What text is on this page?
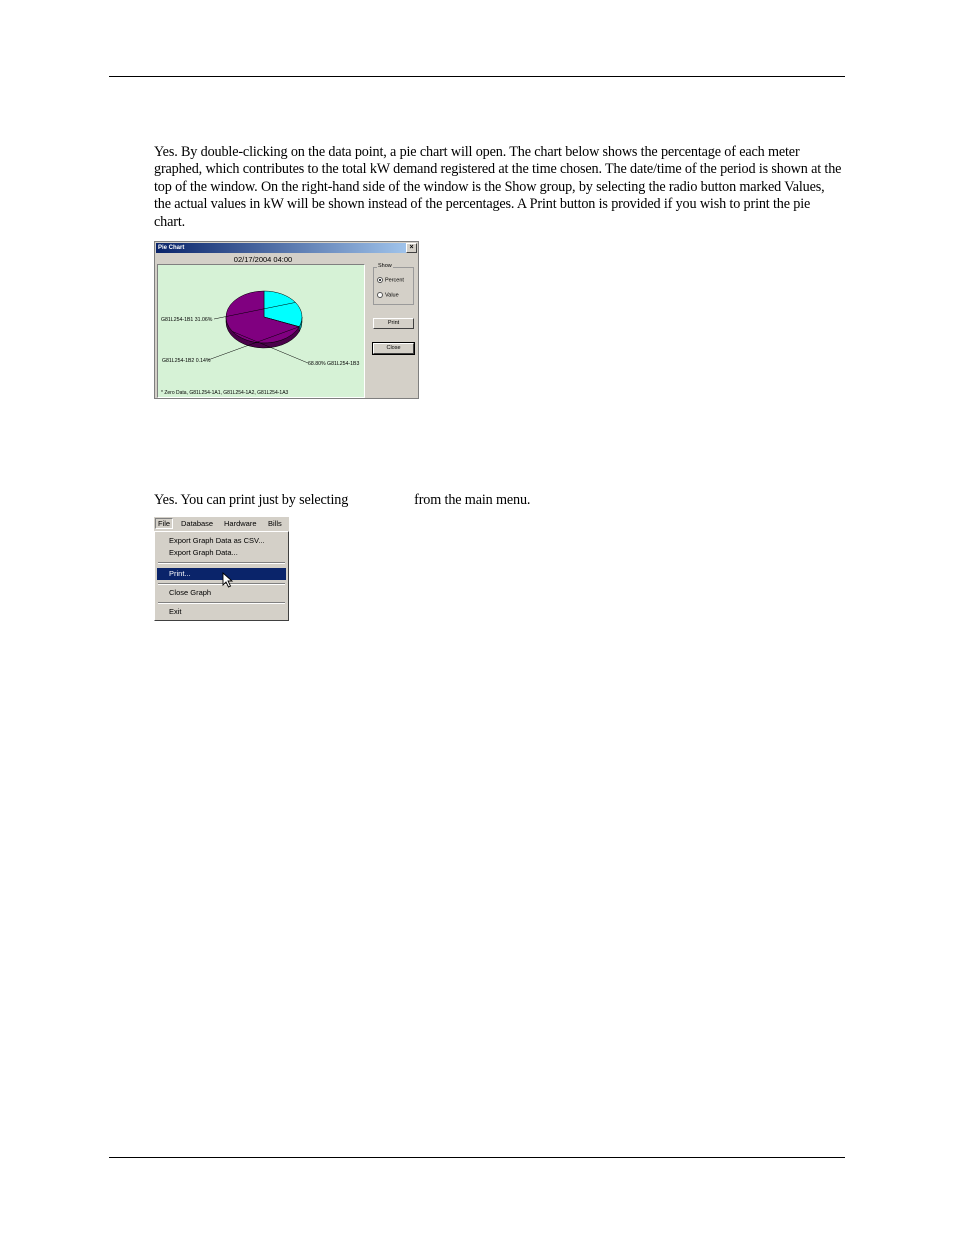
Yes. By double-clicking on the data point, a pie chart will open. The chart below shows the percentage of each meter graphed, which contributes to the total kW demand registered at the time chosen. The date/time of the period is shown at the top of the window. On the right-hand side of the window is the Show group, by selecting the radio button marked Values, the actual values in kW will be shown instead of the percentages. A Print button is provided if you wish to print the pie chart.

Pie Chart	×
02/17/2004 04:00
G81L254-1B1 31.06%
G81L254-1B2 0.14%	68.80% G81L254-1B3
* Zero Data, G81L254-1A1, G81L254-1A2, G81L254-1A3
Show
Percent
Value
Print
Close
Yes. You can print just by selecting	from the main menu.
File	Database Hardware Bills
Export Graph Data as CSV...
Export Graph Data...
Print...
Close Graph
Exit
